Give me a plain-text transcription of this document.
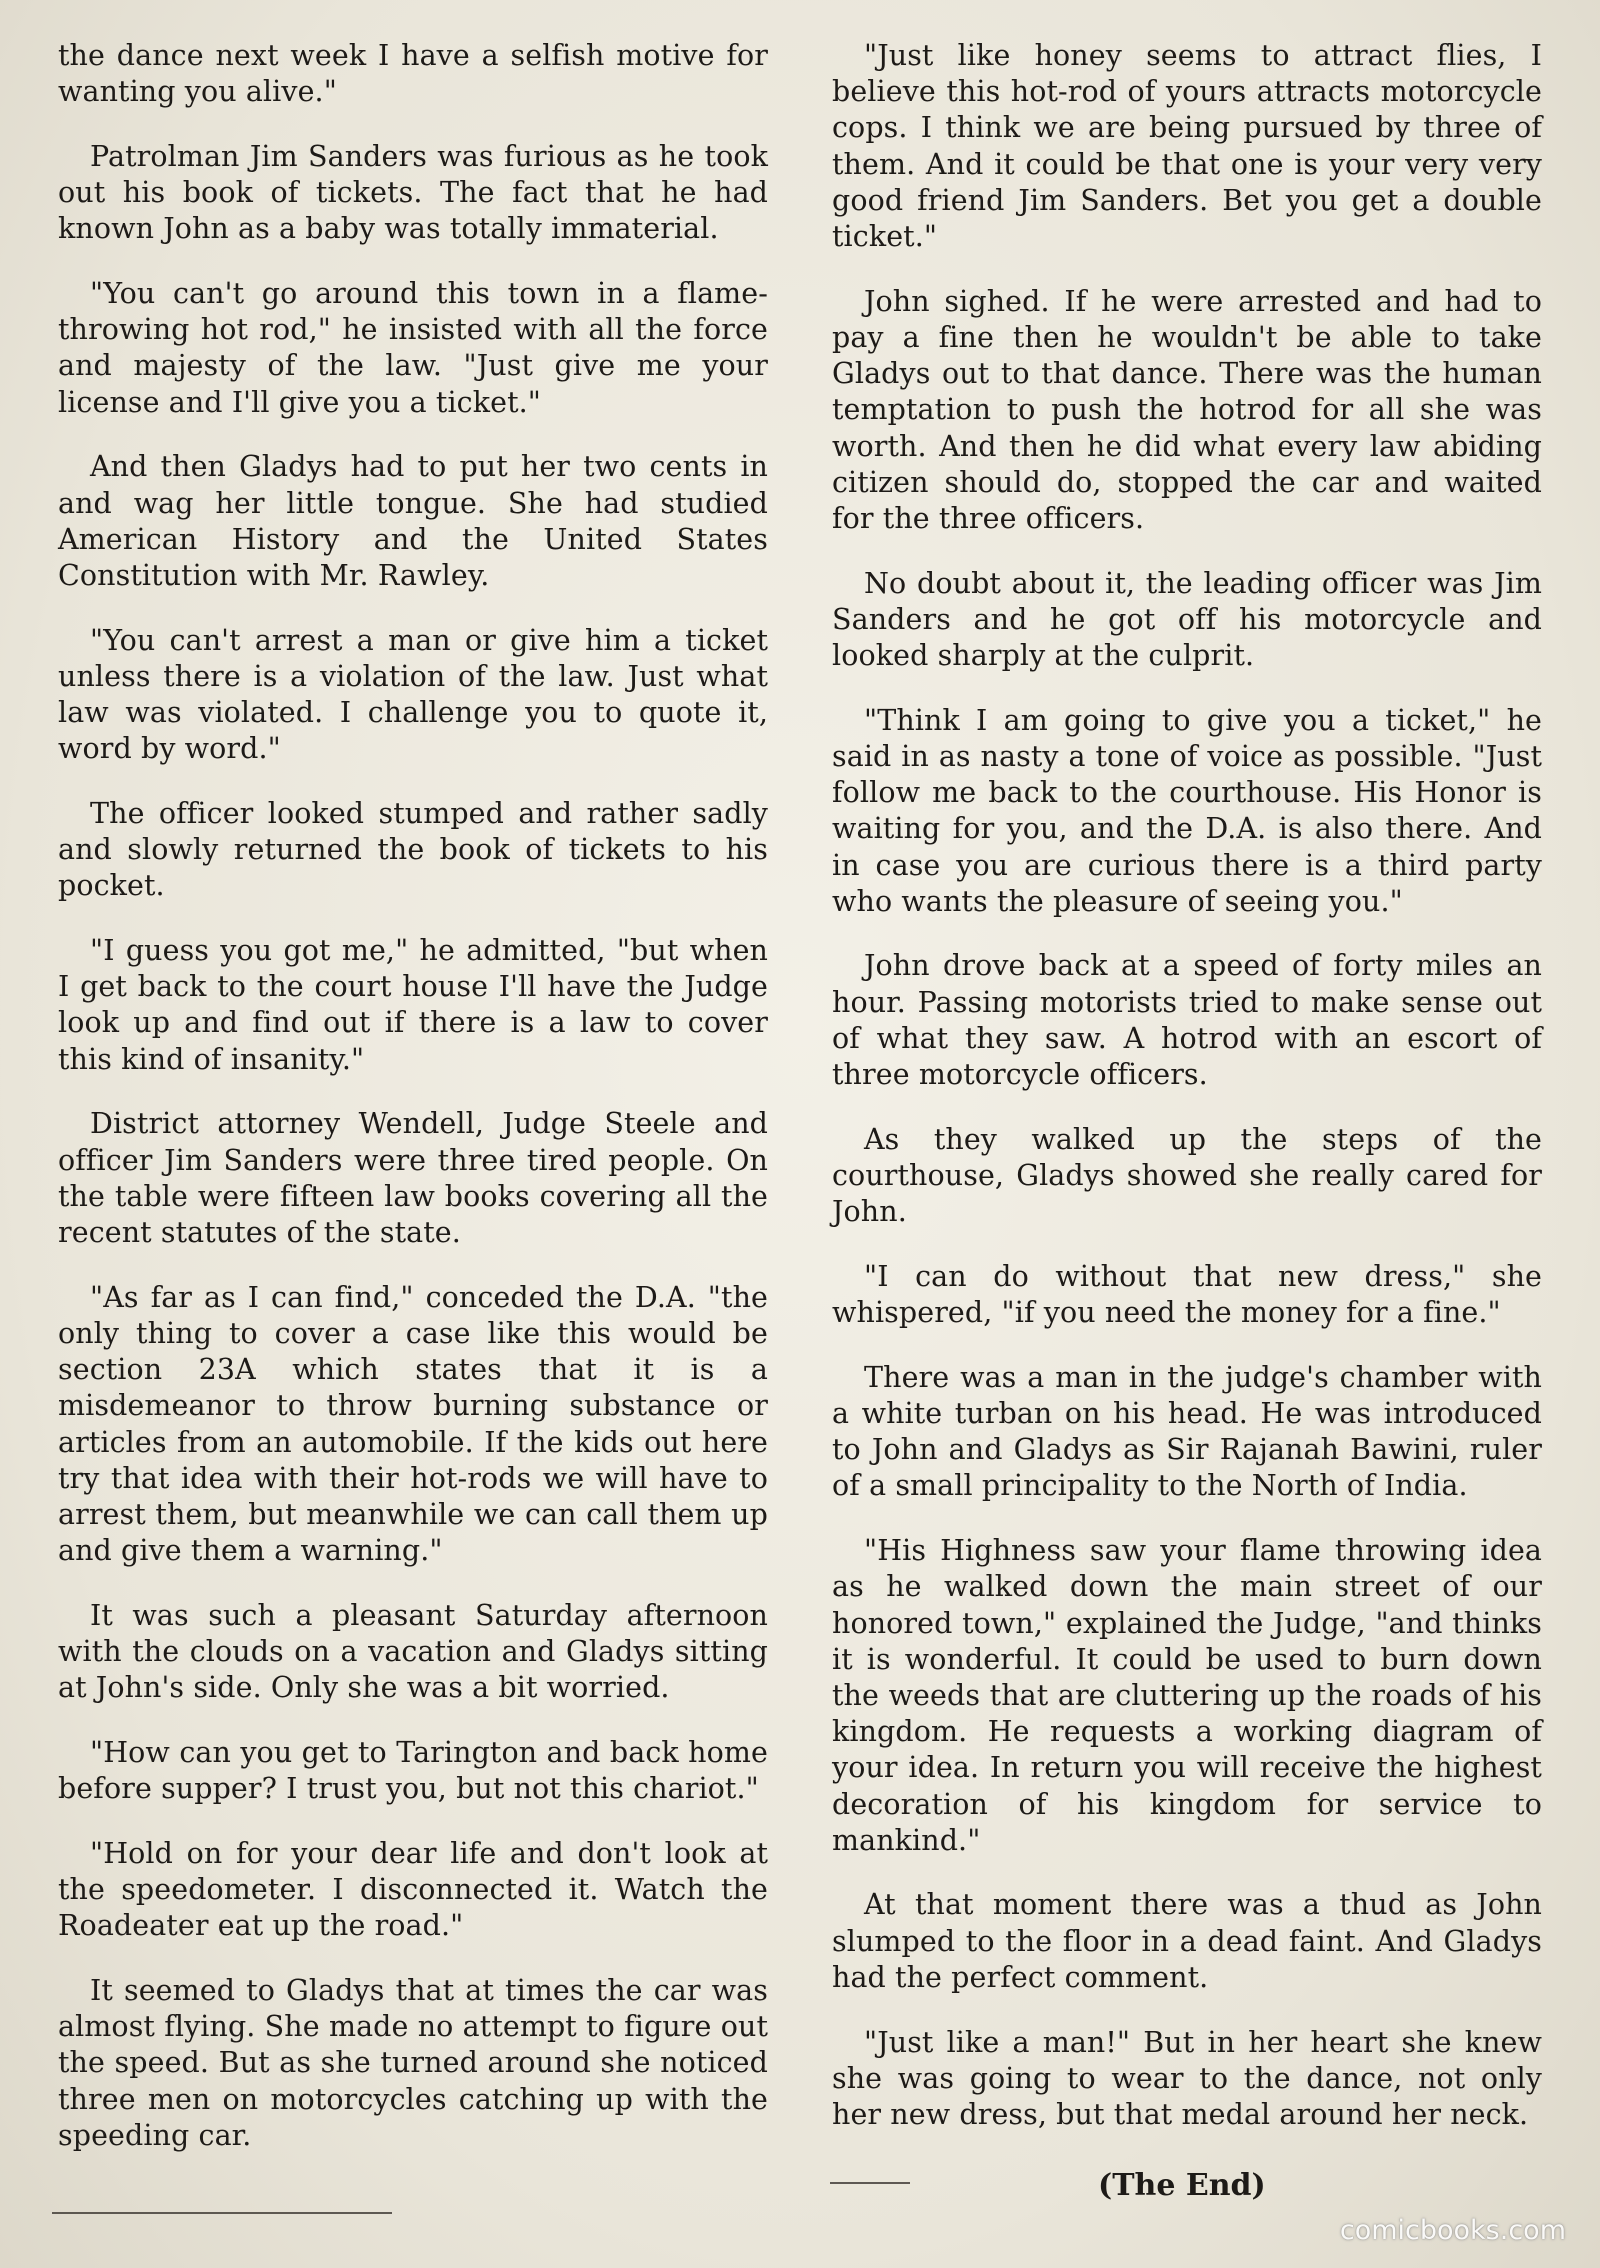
the dance next week I have a selfish motive for wanting you alive."

Patrolman Jim Sanders was furious as he took out his book of tickets. The fact that he had known John as a baby was totally immaterial.

"You can't go around this town in a flame-throwing hot rod," he insisted with all the force and majesty of the law. "Just give me your license and I'll give you a ticket."

And then Gladys had to put her two cents in and wag her little tongue. She had studied American History and the United States Constitution with Mr. Rawley.

"You can't arrest a man or give him a ticket unless there is a violation of the law. Just what law was violated. I challenge you to quote it, word by word."

The officer looked stumped and rather sadly and slowly returned the book of tickets to his pocket.

"I guess you got me," he admitted, "but when I get back to the court house I'll have the Judge look up and find out if there is a law to cover this kind of insanity."

District attorney Wendell, Judge Steele and officer Jim Sanders were three tired people. On the table were fifteen law books covering all the recent statutes of the state.

"As far as I can find," conceded the D.A. "the only thing to cover a case like this would be section 23A which states that it is a misdemeanor to throw burning substance or articles from an automobile. If the kids out here try that idea with their hot-rods we will have to arrest them, but meanwhile we can call them up and give them a warning."

It was such a pleasant Saturday afternoon with the clouds on a vacation and Gladys sitting at John's side. Only she was a bit worried.

"How can you get to Tarington and back home before supper? I trust you, but not this chariot."

"Hold on for your dear life and don't look at the speedometer. I disconnected it. Watch the Roadeater eat up the road."

It seemed to Gladys that at times the car was almost flying. She made no attempt to figure out the speed. But as she turned around she noticed three men on motorcycles catching up with the speeding car.

"Just like honey seems to attract flies, I believe this hot-rod of yours attracts motorcycle cops. I think we are being pursued by three of them. And it could be that one is your very very good friend Jim Sanders. Bet you get a double ticket."

John sighed. If he were arrested and had to pay a fine then he wouldn't be able to take Gladys out to that dance. There was the human temptation to push the hotrod for all she was worth. And then he did what every law abiding citizen should do, stopped the car and waited for the three officers.

No doubt about it, the leading officer was Jim Sanders and he got off his motorcycle and looked sharply at the culprit.

"Think I am going to give you a ticket," he said in as nasty a tone of voice as possible. "Just follow me back to the courthouse. His Honor is waiting for you, and the D.A. is also there. And in case you are curious there is a third party who wants the pleasure of seeing you."

John drove back at a speed of forty miles an hour. Passing motorists tried to make sense out of what they saw. A hotrod with an escort of three motorcycle officers.

As they walked up the steps of the courthouse, Gladys showed she really cared for John.

"I can do without that new dress," she whispered, "if you need the money for a fine."

There was a man in the judge's chamber with a white turban on his head. He was introduced to John and Gladys as Sir Rajanah Bawini, ruler of a small principality to the North of India.

"His Highness saw your flame throwing idea as he walked down the main street of our honored town," explained the Judge, "and thinks it is wonderful. It could be used to burn down the weeds that are cluttering up the roads of his kingdom. He requests a working diagram of your idea. In return you will receive the highest decoration of his kingdom for service to mankind."

At that moment there was a thud as John slumped to the floor in a dead faint. And Gladys had the perfect comment.

"Just like a man!" But in her heart she knew she was going to wear to the dance, not only her new dress, but that medal around her neck.

(The End)
comicbooks.com
